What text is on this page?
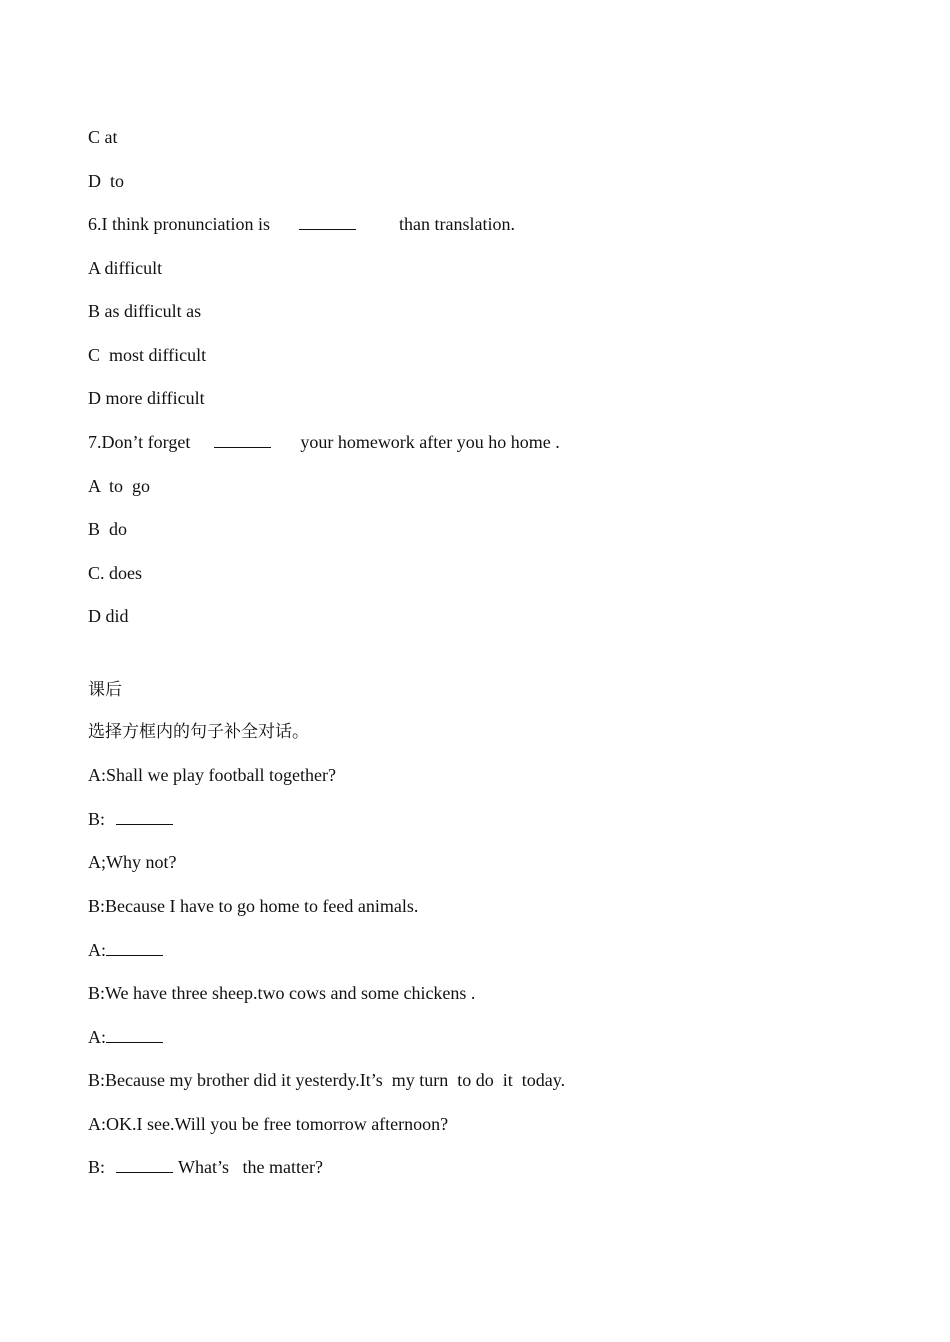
C at
D  to
6.I think pronunciation is	than translation.
A difficult
B as difficult as
C  most difficult
D more difficult
7.Don’t forget	your homework after you ho home .
A  to  go
B  do
C. does
D did
课后
选择方框内的句子补全对话。
A:Shall we play football together?
B:
A;Why not?
B:Because I have to go home to feed animals.
A:
B:We have three sheep.two cows and some chickens .
A:
B:Because my brother did it yesterdy.It’s  my turn  to do  it  today.
A:OK.I see.Will you be free tomorrow afternoon?
B:	What’s   the matter?
